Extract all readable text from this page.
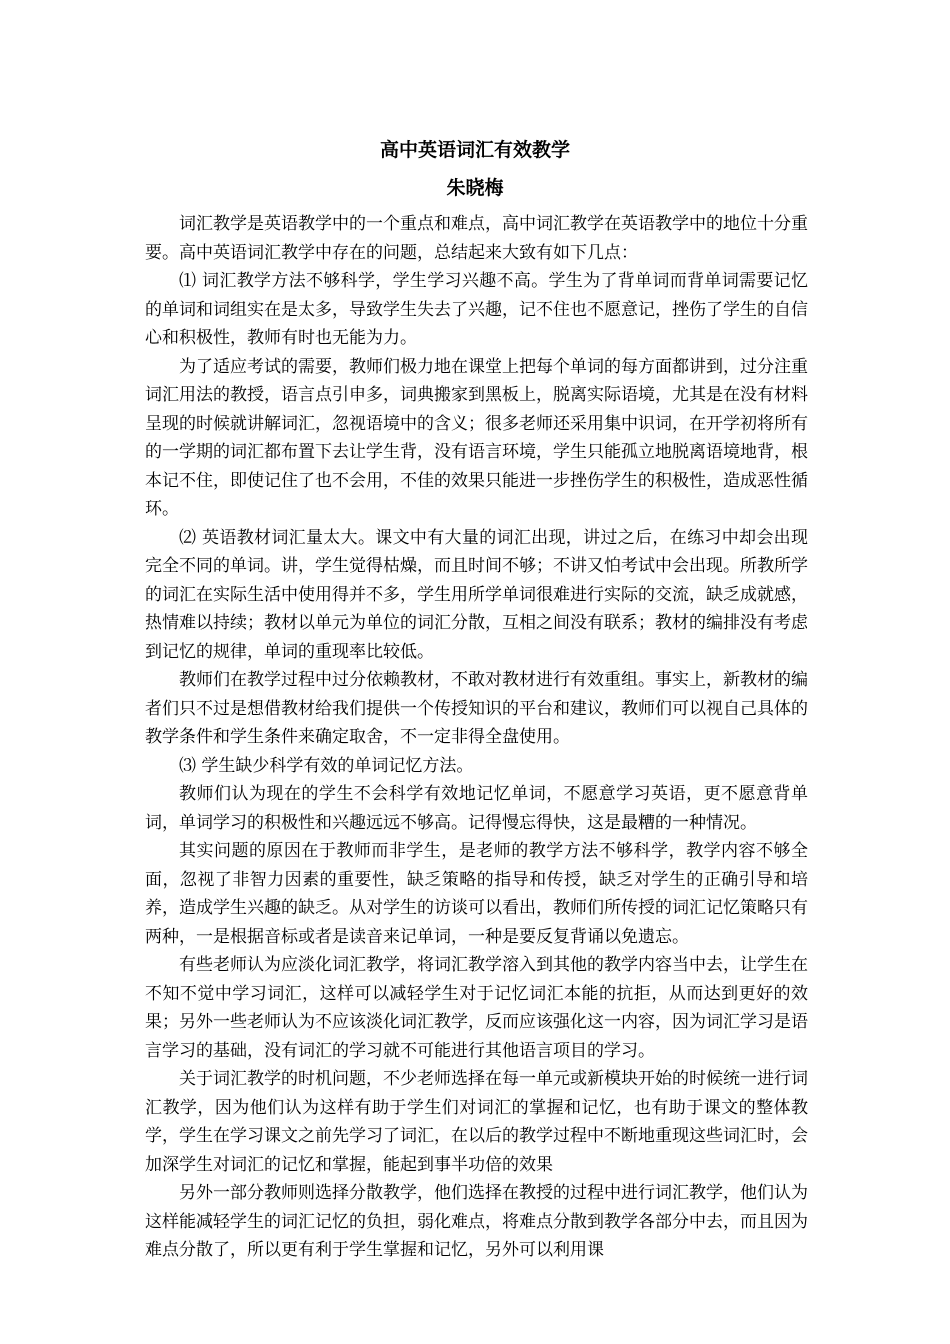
高中英语词汇有效教学
朱晓梅

词汇教学是英语教学中的一个重点和难点，高中词汇教学在英语教学中的地位十分重要。高中英语词汇教学中存在的问题，总结起来大致有如下几点：

⑴ 词汇教学方法不够科学，学生学习兴趣不高。学生为了背单词而背单词需要记忆的单词和词组实在是太多，导致学生失去了兴趣，记不住也不愿意记，挫伤了学生的自信心和积极性，教师有时也无能为力。

为了适应考试的需要，教师们极力地在课堂上把每个单词的每方面都讲到，过分注重词汇用法的教授，语言点引申多，词典搬家到黑板上，脱离实际语境，尤其是在没有材料呈现的时候就讲解词汇，忽视语境中的含义；很多老师还采用集中识词，在开学初将所有的一学期的词汇都布置下去让学生背，没有语言环境，学生只能孤立地脱离语境地背，根本记不住，即使记住了也不会用，不佳的效果只能进一步挫伤学生的积极性，造成恶性循环。

⑵ 英语教材词汇量太大。课文中有大量的词汇出现，讲过之后，在练习中却会出现完全不同的单词。讲，学生觉得枯燥，而且时间不够；不讲又怕考试中会出现。所教所学的词汇在实际生活中使用得并不多，学生用所学单词很难进行实际的交流，缺乏成就感，热情难以持续；教材以单元为单位的词汇分散，互相之间没有联系；教材的编排没有考虑到记忆的规律，单词的重现率比较低。

教师们在教学过程中过分依赖教材，不敢对教材进行有效重组。事实上，新教材的编者们只不过是想借教材给我们提供一个传授知识的平台和建议，教师们可以视自己具体的教学条件和学生条件来确定取舍，不一定非得全盘使用。

⑶ 学生缺少科学有效的单词记忆方法。

教师们认为现在的学生不会科学有效地记忆单词，不愿意学习英语，更不愿意背单词，单词学习的积极性和兴趣远远不够高。记得慢忘得快，这是最糟的一种情况。

其实问题的原因在于教师而非学生，是老师的教学方法不够科学，教学内容不够全面，忽视了非智力因素的重要性，缺乏策略的指导和传授，缺乏对学生的正确引导和培养，造成学生兴趣的缺乏。从对学生的访谈可以看出，教师们所传授的词汇记忆策略只有两种，一是根据音标或者是读音来记单词，一种是要反复背诵以免遗忘。

有些老师认为应淡化词汇教学，将词汇教学溶入到其他的教学内容当中去，让学生在不知不觉中学习词汇，这样可以减轻学生对于记忆词汇本能的抗拒，从而达到更好的效果；另外一些老师认为不应该淡化词汇教学，反而应该强化这一内容，因为词汇学习是语言学习的基础，没有词汇的学习就不可能进行其他语言项目的学习。

关于词汇教学的时机问题，不少老师选择在每一单元或新模块开始的时候统一进行词汇教学，因为他们认为这样有助于学生们对词汇的掌握和记忆，也有助于课文的整体教学，学生在学习课文之前先学习了词汇，在以后的教学过程中不断地重现这些词汇时，会加深学生对词汇的记忆和掌握，能起到事半功倍的效果

另外一部分教师则选择分散教学，他们选择在教授的过程中进行词汇教学，他们认为这样能减轻学生的词汇记忆的负担，弱化难点，将难点分散到教学各部分中去，而且因为难点分散了，所以更有利于学生掌握和记忆，另外可以利用课
